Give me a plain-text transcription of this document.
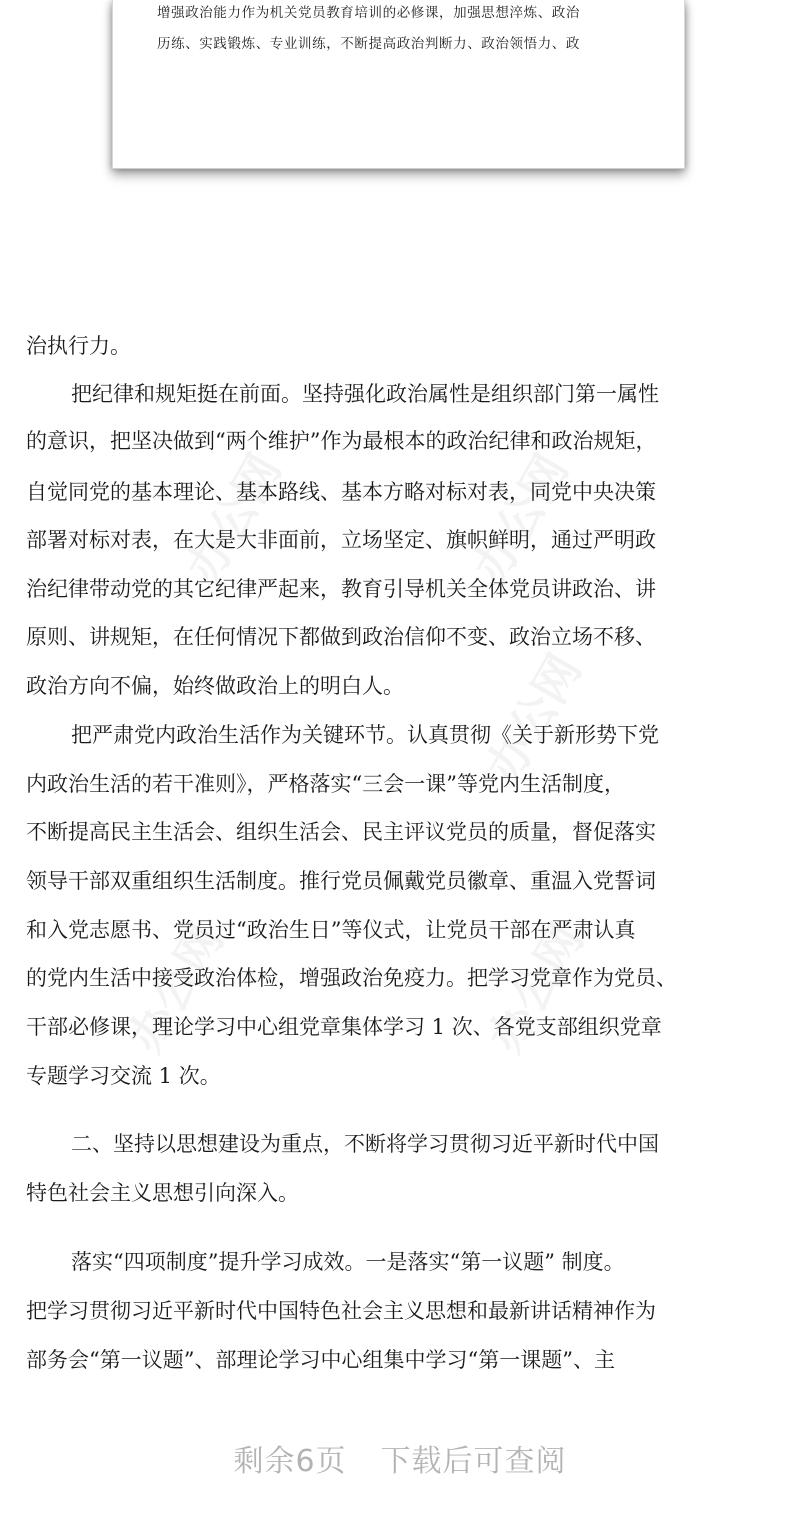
增强政治能力作为机关党员教育培训的必修课，加强思想淬炼、政治
历练、实践锻炼、专业训练，不断提高政治判断力、政治领悟力、政
办公网	办公网
办公网
办公网	办公网
治执行力。
把纪律和规矩挺在前面。坚持强化政治属性是组织部门第一属性
的意识，把坚决做到“两个维护”作为最根本的政治纪律和政治规矩，
自觉同党的基本理论、基本路线、基本方略对标对表，同党中央决策
部署对标对表，在大是大非面前，立场坚定、旗帜鲜明，通过严明政
治纪律带动党的其它纪律严起来，教育引导机关全体党员讲政治、讲
原则、讲规矩，在任何情况下都做到政治信仰不变、政治立场不移、
政治方向不偏，始终做政治上的明白人。
把严肃党内政治生活作为关键环节。认真贯彻《关于新形势下党
内政治生活的若干准则》，严格落实“三会一课”等党内生活制度，
不断提高民主生活会、组织生活会、民主评议党员的质量，督促落实
领导干部双重组织生活制度。推行党员佩戴党员徽章、重温入党誓词
和入党志愿书、党员过“政治生日”等仪式，让党员干部在严肃认真
的党内生活中接受政治体检，增强政治免疫力。把学习党章作为党员、
干部必修课，理论学习中心组党章集体学习 1 次、各党支部组织党章
专题学习交流 1 次。
二、坚持以思想建设为重点，不断将学习贯彻习近平新时代中国
特色社会主义思想引向深入。
落实“四项制度”提升学习成效。一是落实“第一议题” 制度。
把学习贯彻习近平新时代中国特色社会主义思想和最新讲话精神作为
部务会“第一议题”、部理论学习中心组集中学习“第一课题”、主
剩余6页 下载后可查阅
